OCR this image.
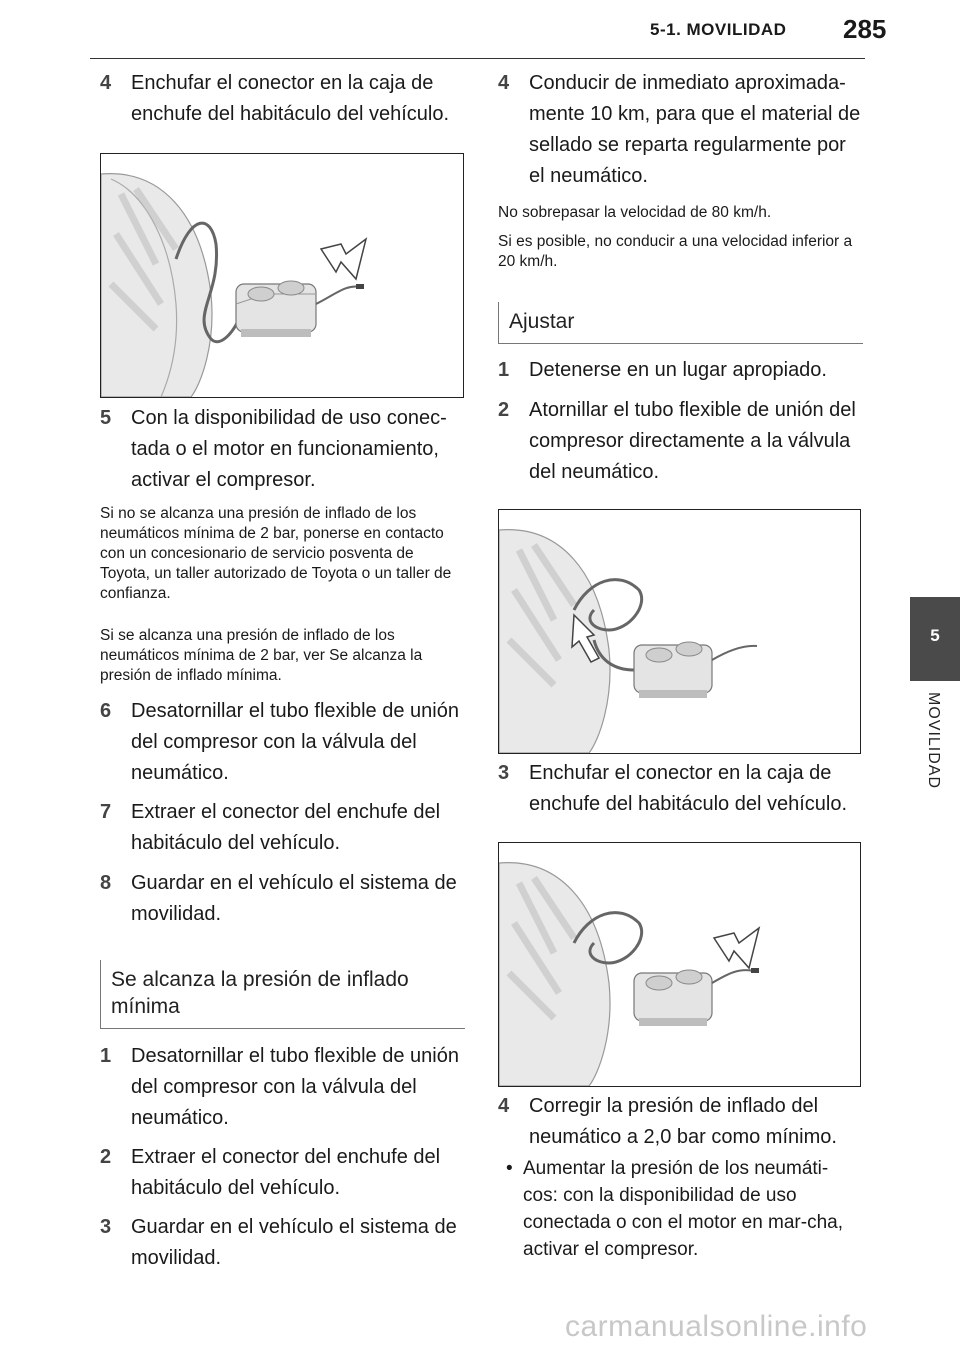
5-1. MOVILIDAD 285
5
MOVILIDAD
4 Enchufar el conector en la caja de enchufe del habitáculo del vehículo.
5 Con la disponibilidad de uso conec-tada o el motor en funcionamiento, activar el compresor.
Si no se alcanza una presión de inflado de los neumáticos mínima de 2 bar, ponerse en contacto con un concesionario de servicio posventa de Toyota, un taller autorizado de Toyota o un taller de confianza.
Si se alcanza una presión de inflado de los neumáticos mínima de 2 bar, ver Se alcanza la presión de inflado mínima.
6 Desatornillar el tubo flexible de unión del compresor con la válvula del neumático.
7 Extraer el conector del enchufe del habitáculo del vehículo.
8 Guardar en el vehículo el sistema de movilidad.
Se alcanza la presión de inflado mínima
1 Desatornillar el tubo flexible de unión del compresor con la válvula del neumático.
2 Extraer el conector del enchufe del habitáculo del vehículo.
3 Guardar en el vehículo el sistema de movilidad.
4 Conducir de inmediato aproximada-mente 10 km, para que el material de sellado se reparta regularmente por el neumático.
No sobrepasar la velocidad de 80 km/h.
Si es posible, no conducir a una velocidad inferior a 20 km/h.
Ajustar
1 Detenerse en un lugar apropiado.
2 Atornillar el tubo flexible de unión del compresor directamente a la válvula del neumático.
3 Enchufar el conector en la caja de enchufe del habitáculo del vehículo.
4 Corregir la presión de inflado del neumático a 2,0 bar como mínimo.
• Aumentar la presión de los neumáti-cos: con la disponibilidad de uso conectada o con el motor en mar-cha, activar el compresor.
carmanualsonline.info
